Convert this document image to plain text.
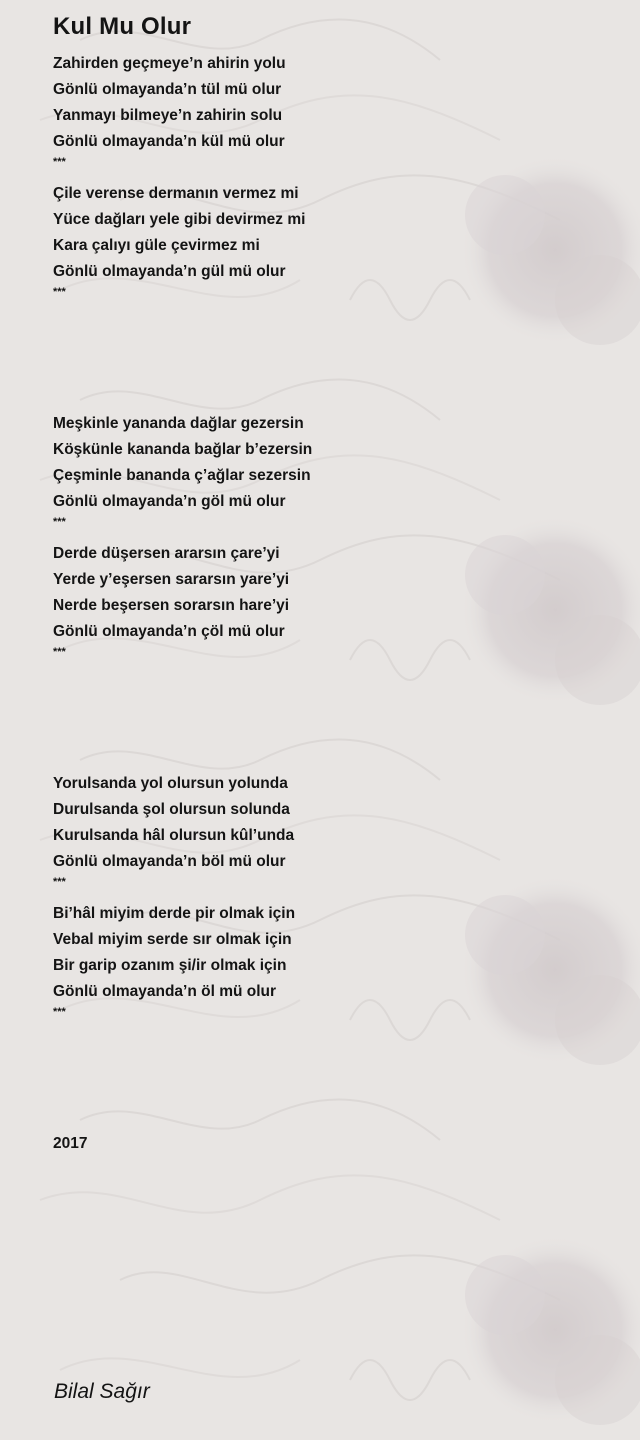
Kul Mu Olur
Zahirden geçmeye’n ahirin yolu
Gönlü olmayanda’n tül mü olur
Yanmayı bilmeye’n zahirin solu
Gönlü olmayanda’n kül mü olur
***
Çile verense dermanın vermez mi
Yüce dağları yele gibi devirmez mi
Kara çalıyı güle çevirmez mi
Gönlü olmayanda’n gül mü olur
***
Meşkinle yananda dağlar gezersin
Köşkünle kananda bağlar b’ezersin
Çeşminle bananda ç’ağlar sezersin
Gönlü olmayanda’n göl mü olur
***
Derde düşersen ararsın çare’yi
Yerde y’eşersen sararsın yare’yi
Nerde beşersen sorarsın hare’yi
Gönlü olmayanda’n çöl mü olur
***
Yorulsanda yol olursun yolunda
Durulsanda şol olursun solunda
Kurulsanda hâl olursun kûl’unda
Gönlü olmayanda’n böl mü olur
***
Bi’hâl miyim derde pir olmak için
Vebal miyim serde sır olmak için
Bir garip ozanım şi/ir olmak için
Gönlü olmayanda’n öl mü olur
***
2017
Bilal Sağır
